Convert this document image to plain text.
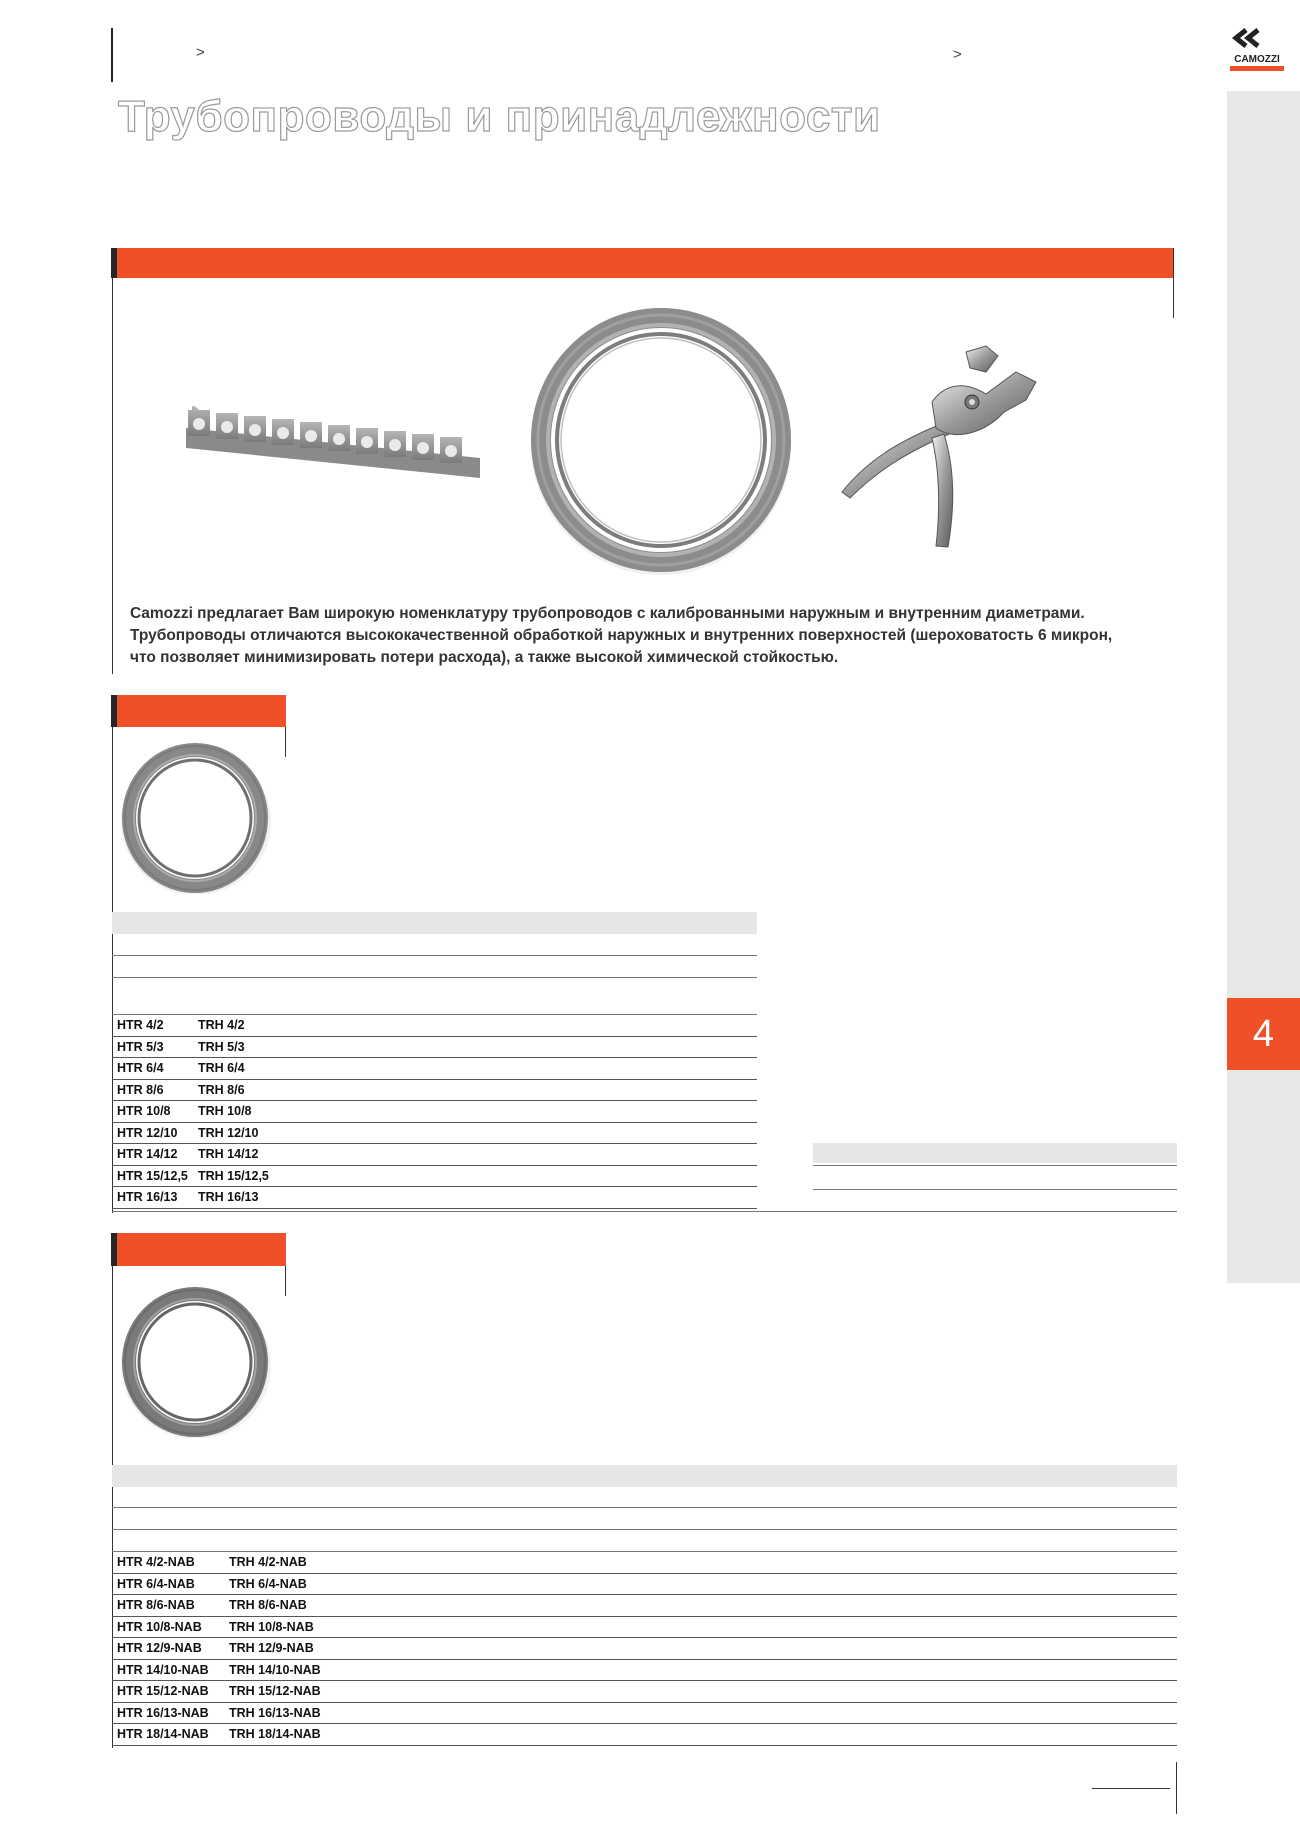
>	>
Трубопроводы и принадлежности
CAMOZZI
4

Camozzi предлагает Вам широкую номенклатуру трубопроводов с калиброванными наружным и внутренним диаметрами.

Трубопроводы отличаются высококачественной обработкой наружных и внутренних поверхностей (шероховатость 6 микрон,

что позволяет минимизировать потери расхода), а также высокой химической стойкостью.

HTR 4/2	TRH 4/2
HTR 5/3	TRH 5/3
HTR 6/4	TRH 6/4
HTR 8/6	TRH 8/6
HTR 10/8	TRH 10/8
HTR 12/10	TRH 12/10
HTR 14/12	TRH 14/12
HTR 15/12,5	TRH 15/12,5
HTR 16/13	TRH 16/13
HTR 4/2-NAB	TRH 4/2-NAB
HTR 6/4-NAB	TRH 6/4-NAB
HTR 8/6-NAB	TRH 8/6-NAB
HTR 10/8-NAB	TRH 10/8-NAB
HTR 12/9-NAB	TRH 12/9-NAB
HTR 14/10-NAB	TRH 14/10-NAB
HTR 15/12-NAB	TRH 15/12-NAB
HTR 16/13-NAB	TRH 16/13-NAB
HTR 18/14-NAB	TRH 18/14-NAB
